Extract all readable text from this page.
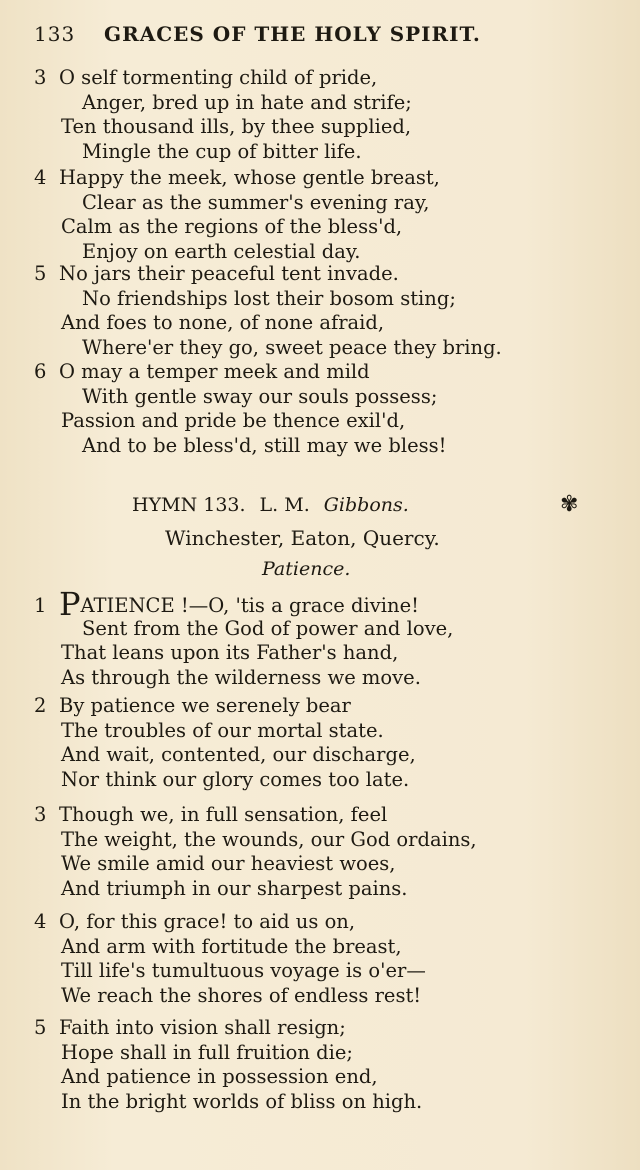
133 GRACES OF THE HOLY SPIRIT.
3 O self tormenting child of pride,
Anger, bred up in hate and strife;
Ten thousand ills, by thee supplied,
Mingle the cup of bitter life.
4 Happy the meek, whose gentle breast,
Clear as the summer's evening ray,
Calm as the regions of the bless'd,
Enjoy on earth celestial day.
5 No jars their peaceful tent invade.
No friendships lost their bosom sting;
And foes to none, of none afraid,
Where'er they go, sweet peace they bring.
6 O may a temper meek and mild
With gentle sway our souls possess;
Passion and pride be thence exil'd,
And to be bless'd, still may we bless!
HYMN 133. L. M. Gibbons.	✾
Winchester, Eaton, Quercy.
Patience.
1 PATIENCE !—O, 'tis a grace divine!
Sent from the God of power and love,
That leans upon its Father's hand,
As through the wilderness we move.
2 By patience we serenely bear
The troubles of our mortal state.
And wait, contented, our discharge,
Nor think our glory comes too late.
3 Though we, in full sensation, feel
The weight, the wounds, our God ordains,
We smile amid our heaviest woes,
And triumph in our sharpest pains.
4 O, for this grace! to aid us on,
And arm with fortitude the breast,
Till life's tumultuous voyage is o'er—
We reach the shores of endless rest!
5 Faith into vision shall resign;
Hope shall in full fruition die;
And patience in possession end,
In the bright worlds of bliss on high.
